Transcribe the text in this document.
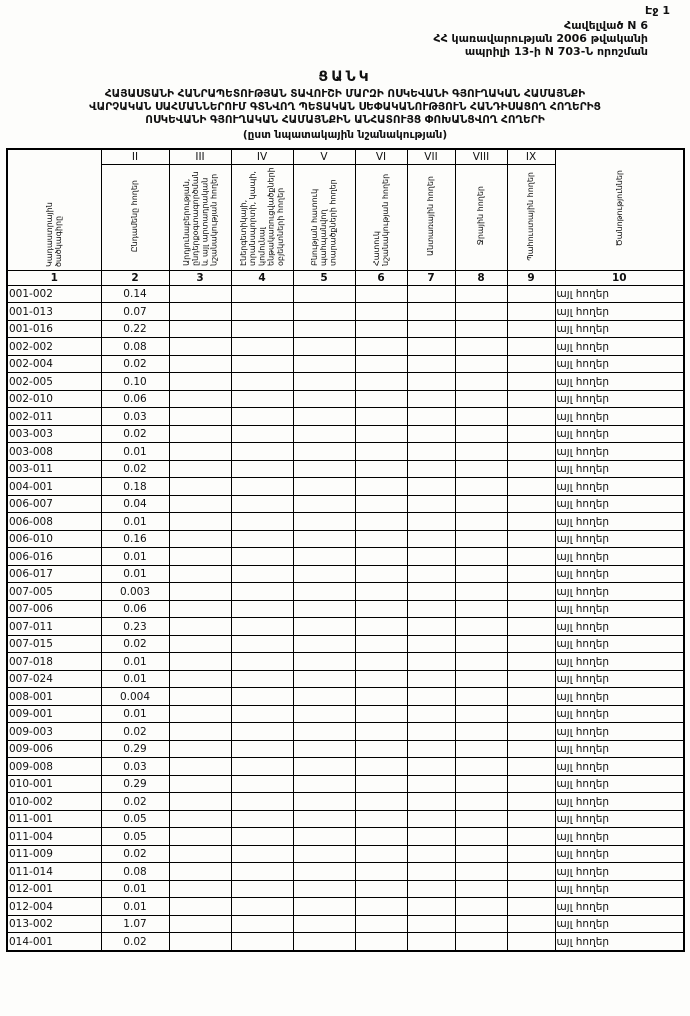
Էջ 1
Հավելված N 6
ՀՀ կառավարության 2006 թվականի
ապրիլի 13-ի N 703-Ն որոշման
ՑԱՆԿ
ՀԱՅԱՍՏԱՆԻ ՀԱՆՐԱՊԵՏՈՒԹՅԱՆ ՏԱՎՈՒՇԻ ՄԱՐԶԻ ՈՍԿԵՎԱՆԻ ԳՅՈՒՂԱԿԱՆ ՀԱՄԱՅՆՔԻ
ՎԱՐՉԱԿԱՆ ՍԱՀՄԱՆՆԵՐՈՒՄ ԳՏՆՎՈՂ ՊԵՏԱԿԱՆ ՍԵՓԱԿԱՆՈՒԹՅՈՒՆ ՀԱՆԴԻՍԱՑՈՂ ՀՈՂԵՐԻՑ
ՈՍԿԵՎԱՆԻ ԳՅՈՒՂԱԿԱՆ ՀԱՄԱՅՆՔԻՆ ԱՆՀԱՏՈՒՅՑ ՓՈԽԱՆՑՎՈՂ ՀՈՂԵՐԻ
(ըստ նպատակային նշանակության)
Կադաստրային ծածկագիրը	II	III	IV	V	VI	VII	VIII	IX	Ծանոթություններ
	Ընդամենը հողեր	Արդյունաբերության, ընդերքօգտագործման և այլ արտադրական նշանակության հողեր	Էներգետիկայի, տրանսպորտի, կապի, կոմունալ ենթակառուցվածքների օբյեկտների հողեր	Բնության հատուկ պահպանվող տարածքների հողեր	Հատուկ նշանակության հողեր	Անտառային հողեր	Ջրային հողեր	Պահուստային հողեր	
1	2	3	4	5	6	7	8	9	10
001-002	0.14								այլ հողեր
001-013	0.07								այլ հողեր
001-016	0.22								այլ հողեր
002-002	0.08								այլ հողեր
002-004	0.02								այլ հողեր
002-005	0.10								այլ հողեր
002-010	0.06								այլ հողեր
002-011	0.03								այլ հողեր
003-003	0.02								այլ հողեր
003-008	0.01								այլ հողեր
003-011	0.02								այլ հողեր
004-001	0.18								այլ հողեր
006-007	0.04								այլ հողեր
006-008	0.01								այլ հողեր
006-010	0.16								այլ հողեր
006-016	0.01								այլ հողեր
006-017	0.01								այլ հողեր
007-005	0.003								այլ հողեր
007-006	0.06								այլ հողեր
007-011	0.23								այլ հողեր
007-015	0.02								այլ հողեր
007-018	0.01								այլ հողեր
007-024	0.01								այլ հողեր
008-001	0.004								այլ հողեր
009-001	0.01								այլ հողեր
009-003	0.02								այլ հողեր
009-006	0.29								այլ հողեր
009-008	0.03								այլ հողեր
010-001	0.29								այլ հողեր
010-002	0.02								այլ հողեր
011-001	0.05								այլ հողեր
011-004	0.05								այլ հողեր
011-009	0.02								այլ հողեր
011-014	0.08								այլ հողեր
012-001	0.01								այլ հողեր
012-004	0.01								այլ հողեր
013-002	1.07								այլ հողեր
014-001	0.02								այլ հողեր
